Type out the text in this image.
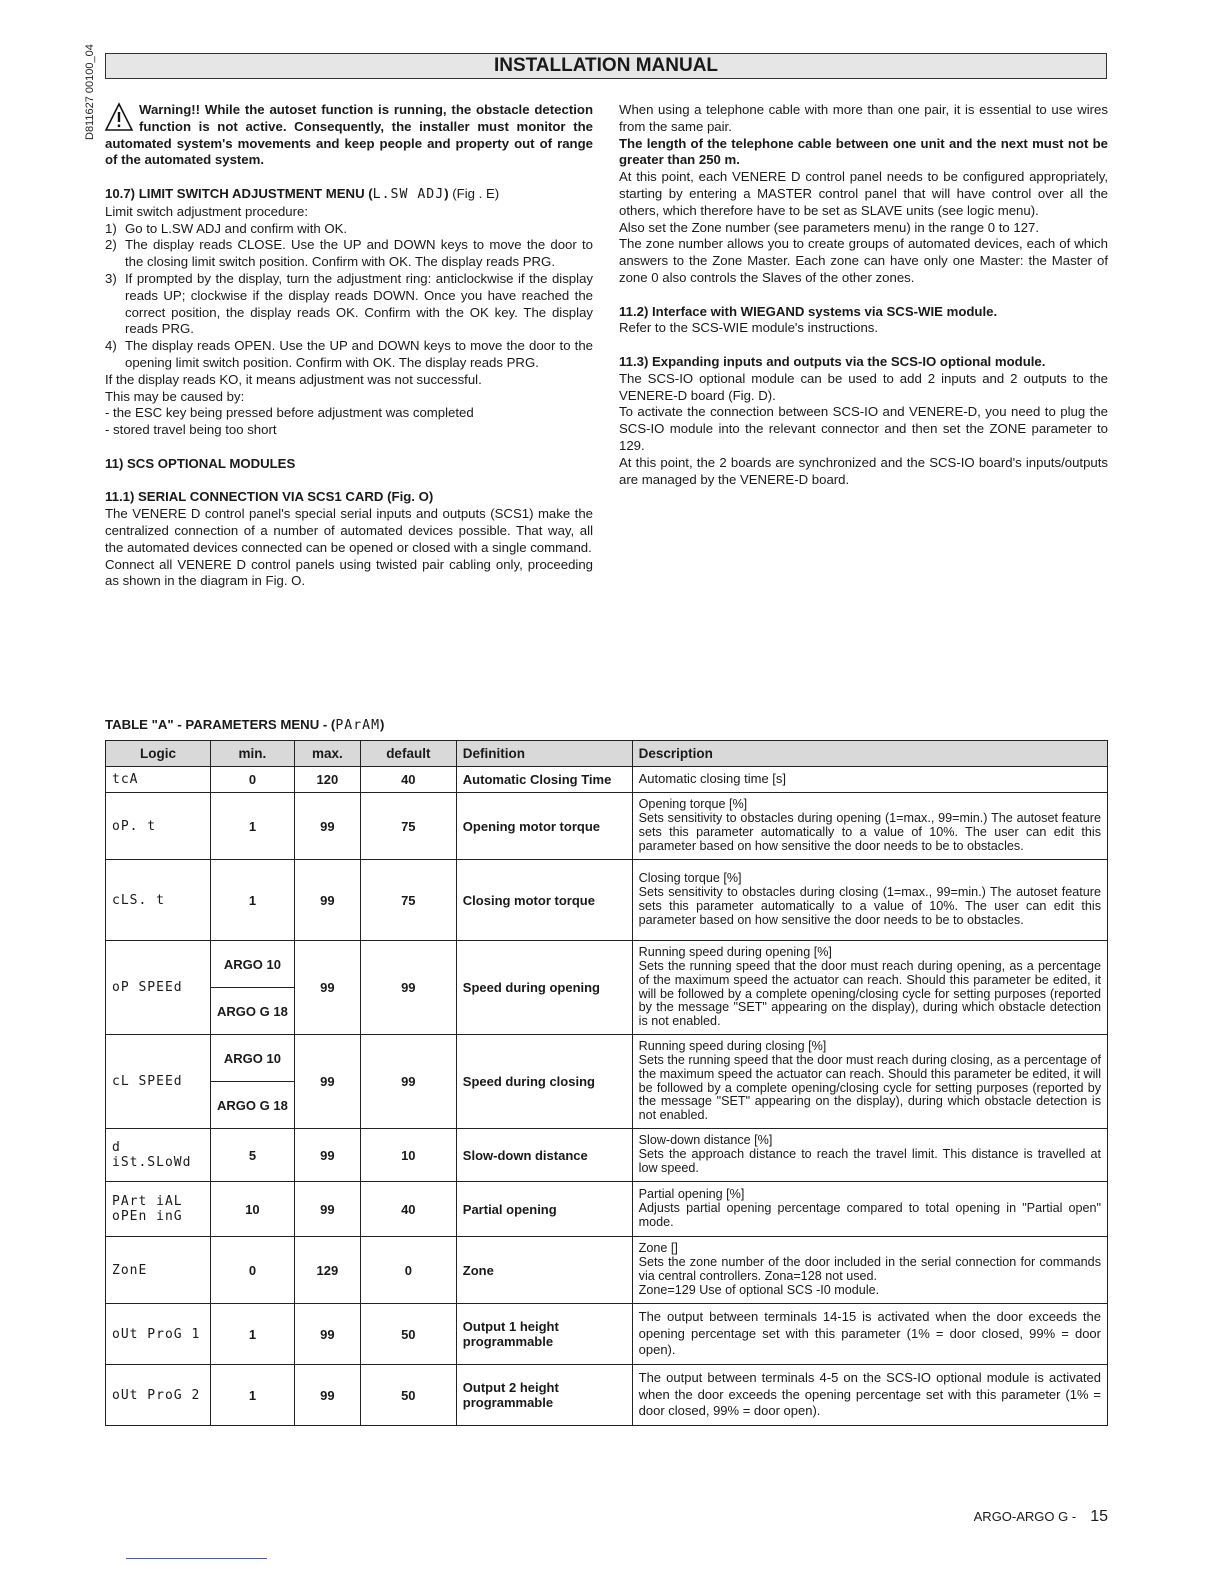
D811627 00100_04	INSTALLATION MANUAL
Warning!! While the autoset function is running, the obstacle detection function is not active. Consequently, the installer must monitor the automated system's movements and keep people and property out of range of the automated system.

10.7) LIMIT SWITCH ADJUSTMENT MENU (L.SW ADJ) (Fig . E)

Limit switch adjustment procedure:

1) Go to L.SW ADJ and confirm with OK.
2) The display reads CLOSE. Use the UP and DOWN keys to move the door to the closing limit switch position. Confirm with OK. The display reads PRG.
3) If prompted by the display, turn the adjustment ring: anticlockwise if the display reads UP; clockwise if the display reads DOWN. Once you have reached the correct position, the display reads OK. Confirm with the OK key. The display reads PRG.
4) The display reads OPEN. Use the UP and DOWN keys to move the door to the opening limit switch position. Confirm with OK. The display reads PRG.

If the display reads KO, it means adjustment was not successful.

This may be caused by:

- the ESC key being pressed before adjustment was completed

- stored travel being too short

11) SCS OPTIONAL MODULES

11.1) SERIAL CONNECTION VIA SCS1 CARD (Fig. O)

The VENERE D control panel's special serial inputs and outputs (SCS1) make the centralized connection of a number of automated devices possible. That way, all the automated devices connected can be opened or closed with a single command.

Connect all VENERE D control panels using twisted pair cabling only, proceeding as shown in the diagram in Fig. O.

When using a telephone cable with more than one pair, it is essential to use wires from the same pair.

The length of the telephone cable between one unit and the next must not be greater than 250 m.

At this point, each VENERE D control panel needs to be configured appropriately, starting by entering a MASTER control panel that will have control over all the others, which therefore have to be set as SLAVE units (see logic menu).

Also set the Zone number (see parameters menu) in the range 0 to 127.

The zone number allows you to create groups of automated devices, each of which answers to the Zone Master. Each zone can have only one Master: the Master of zone 0 also controls the Slaves of the other zones.

11.2) Interface with WIEGAND systems via SCS-WIE module.

Refer to the SCS-WIE module's instructions.

11.3) Expanding inputs and outputs via the SCS-IO optional module.

The SCS-IO optional module can be used to add 2 inputs and 2 outputs to the VENERE-D board (Fig. D).

To activate the connection between SCS-IO and VENERE-D, you need to plug the SCS-IO module into the relevant connector and then set the ZONE parameter to 129.

At this point, the 2 boards are synchronized and the SCS-IO board's inputs/outputs are managed by the VENERE-D board.

TABLE "A" - PARAMETERS MENU - (PArAM)
Logic	min.	max.	default	Definition	Description
tcA	0	120	40	Automatic Closing Time	Automatic closing time [s]
oP. t	1	99	75	Opening motor torque	Opening torque [%]
Sets sensitivity to obstacles during opening (1=max., 99=min.) The autoset feature sets this parameter automatically to a value of 10%. The user can edit this parameter based on how sensitive the door needs to be to obstacles.
cLS. t	1	99	75	Closing motor torque	Closing torque [%]
Sets sensitivity to obstacles during closing (1=max., 99=min.) The autoset feature sets this parameter automatically to a value of 10%. The user can edit this parameter based on how sensitive the door needs to be to obstacles.
oP SPEEd	ARGO 10	99	99	Speed during opening	Running speed during opening [%]
Sets the running speed that the door must reach during opening, as a percentage of the maximum speed the actuator can reach. Should this parameter be edited, it will be followed by a complete opening/closing cycle for setting purposes (reported by the message "SET" appearing on the display), during which obstacle detection is not enabled.
	ARGO G 18				
cL SPEEd	ARGO 10	99	99	Speed during closing	Running speed during closing [%]
Sets the running speed that the door must reach during closing, as a percentage of the maximum speed the actuator can reach. Should this parameter be edited, it will be followed by a complete opening/closing cycle for setting purposes (reported by the message "SET" appearing on the display), during which obstacle detection is not enabled.
	ARGO G 18				
d iSt.SLoWd	5	99	10	Slow-down distance	Slow-down distance [%]
Sets the approach distance to reach the travel limit. This distance is travelled at low speed.
PArt iAL
oPEn inG	10	99	40	Partial opening	Partial opening [%]
Adjusts partial opening percentage compared to total opening in "Partial open" mode.
ZonE	0	129	0	Zone	Zone []
Sets the zone number of the door included in the serial connection for commands via central controllers. Zona=128 not used.
Zone=129 Use of optional SCS -I0 module.
oUt ProG 1	1	99	50	Output 1 height programmable	The output between terminals 14-15 is activated when the door exceeds the opening percentage set with this parameter (1% = door closed, 99% = door open).
oUt ProG 2	1	99	50	Output 2 height programmable	The output between terminals 4-5 on the SCS-IO optional module is activated when the door exceeds the opening percentage set with this parameter (1% = door closed, 99% = door open).
ARGO-ARGO G - 15
